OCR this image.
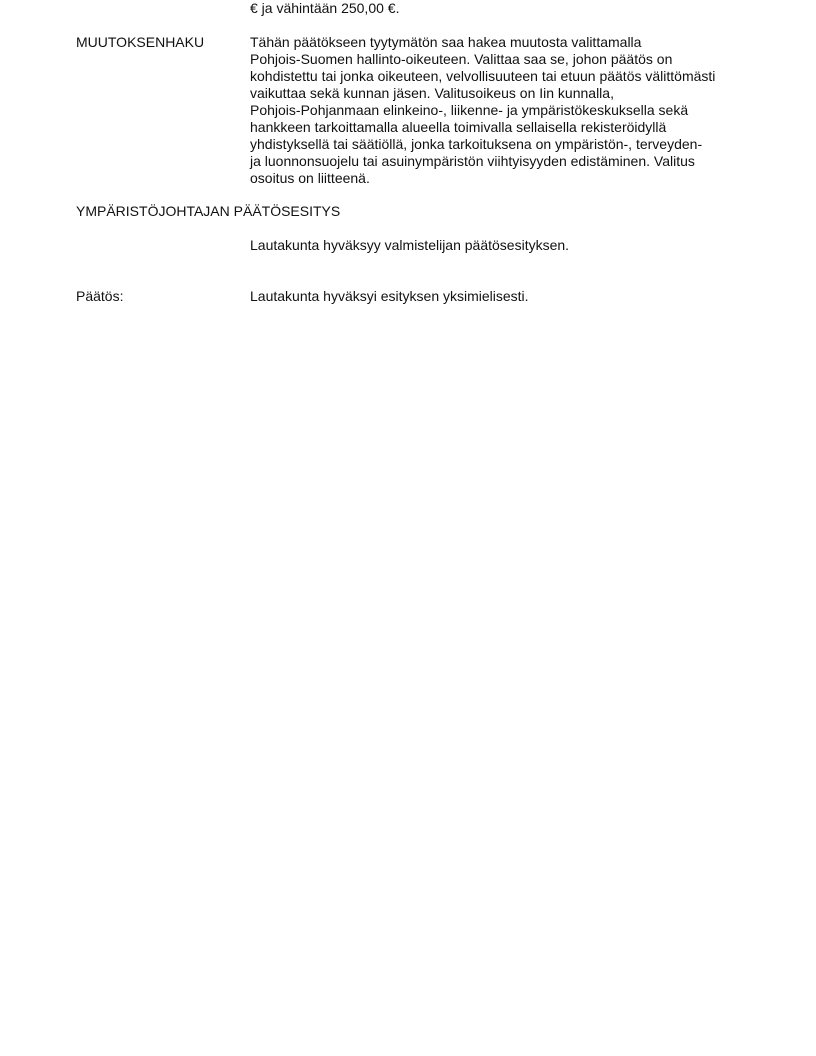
€ ja vähintään 250,00 €.
MUUTOKSENHAKU	Tähän päätökseen tyytymätön saa hakea muutosta valittamalla
Pohjois-Suomen hallinto-oikeuteen. Valittaa saa se, johon päätös on
kohdistettu tai jonka oikeuteen, velvollisuuteen tai etuun päätös välittömästi
vaikuttaa sekä kunnan jäsen. Valitusoikeus on Iin kunnalla,
Pohjois-Pohjanmaan elinkeino-, liikenne- ja ympäristökeskuksella sekä
hankkeen tarkoittamalla alueella toimivalla sellaisella rekisteröidyllä
yhdistyksellä tai säätiöllä, jonka tarkoituksena on ympäristön-, terveyden-
ja luonnonsuojelu tai asuinympäristön viihtyisyyden edistäminen. Valitus
osoitus on liitteenä.
YMPÄRISTÖJOHTAJAN PÄÄTÖSESITYS
Lautakunta hyväksyy valmistelijan päätösesityksen.
Päätös:	Lautakunta hyväksyi esityksen yksimielisesti.
